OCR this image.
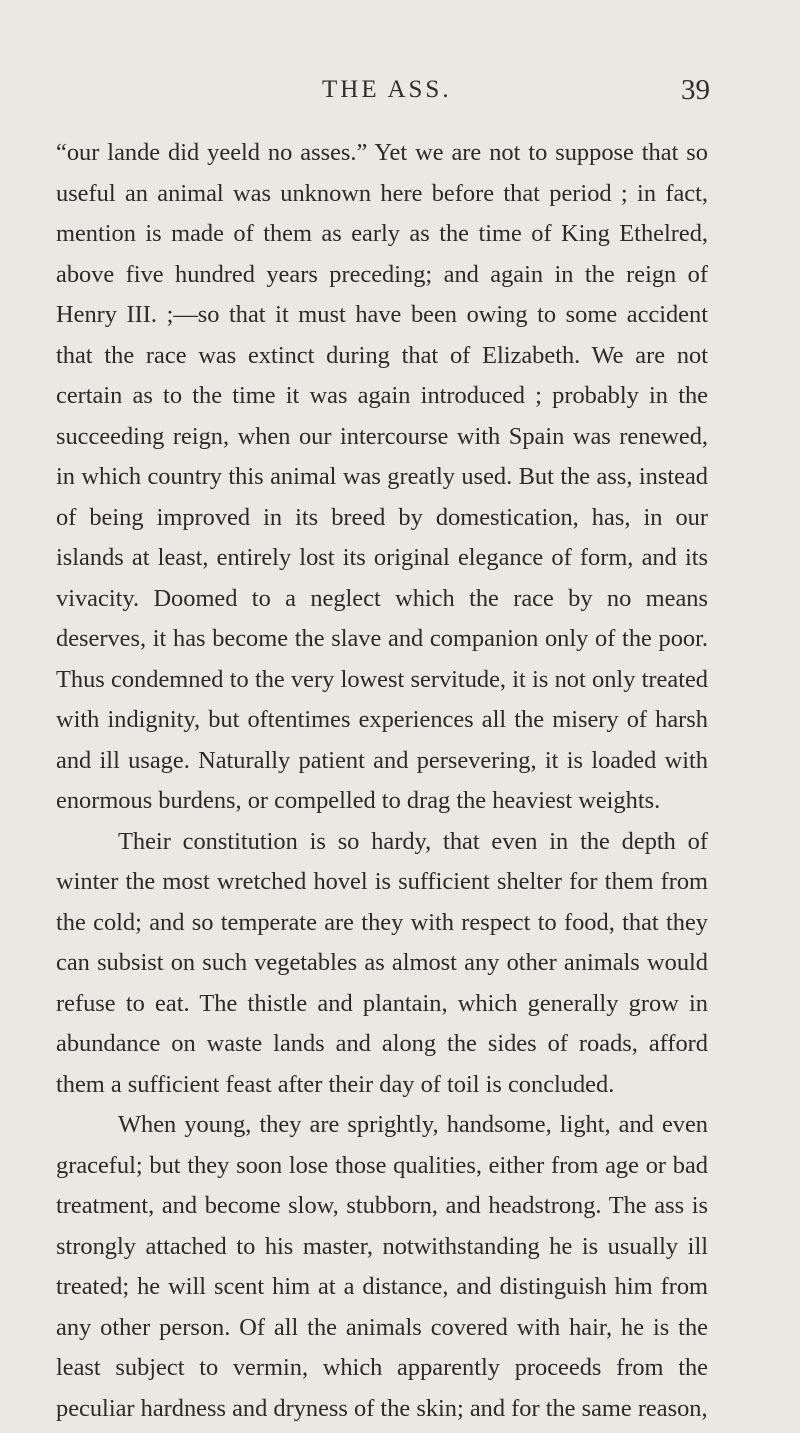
THE ASS.	39

“our lande did yeeld no asses.” Yet we are not to suppose that so useful an animal was unknown here before that period ; in fact, mention is made of them as early as the time of King Ethelred, above five hundred years preceding; and again in the reign of Henry III. ;—so that it must have been owing to some accident that the race was extinct during that of Elizabeth. We are not certain as to the time it was again introduced ; probably in the succeeding reign, when our intercourse with Spain was renewed, in which country this animal was greatly used. But the ass, instead of being improved in its breed by domestication, has, in our islands at least, entirely lost its original elegance of form, and its vivacity. Doomed to a neglect which the race by no means deserves, it has become the slave and companion only of the poor. Thus condemned to the very lowest servitude, it is not only treated with indignity, but oftentimes experiences all the misery of harsh and ill usage. Naturally patient and persevering, it is loaded with enormous burdens, or compelled to drag the heaviest weights.

Their constitution is so hardy, that even in the depth of winter the most wretched hovel is sufficient shelter for them from the cold; and so temperate are they with respect to food, that they can subsist on such vegetables as almost any other animals would refuse to eat. The thistle and plantain, which generally grow in abundance on waste lands and along the sides of roads, afford them a sufficient feast after their day of toil is concluded.

When young, they are sprightly, handsome, light, and even graceful; but they soon lose those qualities, either from age or bad treatment, and become slow, stubborn, and headstrong. The ass is strongly attached to his master, notwithstanding he is usually ill treated; he will scent him at a distance, and distinguish him from any other person. Of all the animals covered with hair, he is the least subject to vermin, which apparently proceeds from the peculiar hardness and dryness of the skin; and for the same reason,
